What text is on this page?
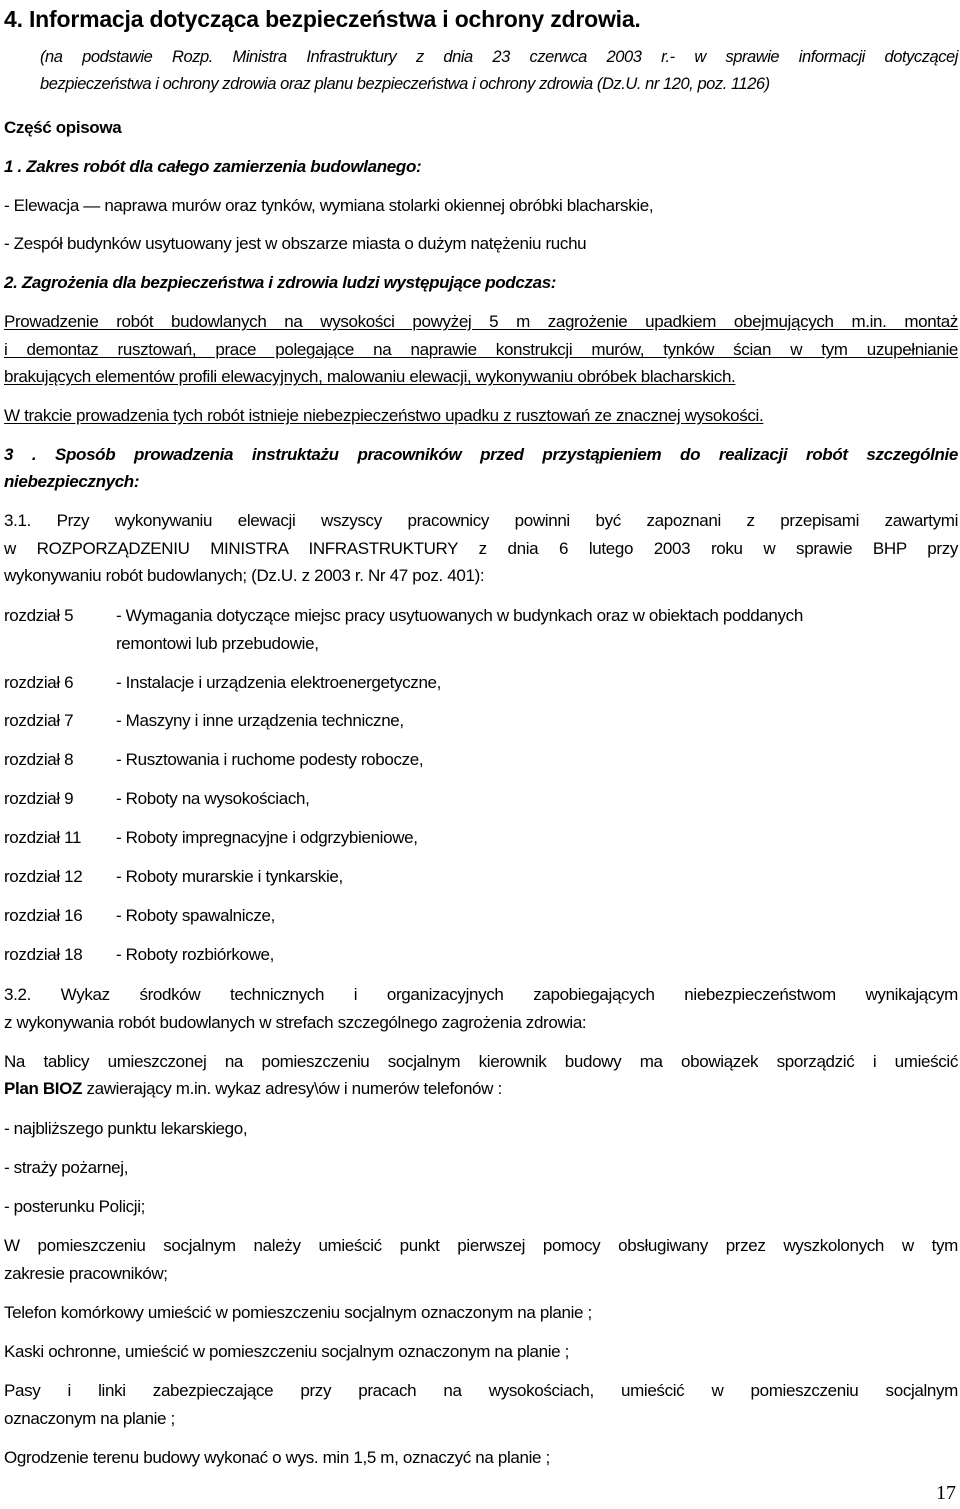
4. Informacja dotycząca bezpieczeństwa i ochrony zdrowia.
(na podstawie Rozp. Ministra Infrastruktury z dnia 23 czerwca 2003 r.- w sprawie informacji dotyczącej
bezpieczeństwa i ochrony zdrowia oraz planu bezpieczeństwa i ochrony zdrowia (Dz.U. nr 120, poz. 1126)
Część opisowa
1 . Zakres robót dla całego zamierzenia budowlanego:
- Elewacja — naprawa murów oraz tynków, wymiana stolarki okiennej obróbki blacharskie,
- Zespół budynków usytuowany jest w obszarze miasta o dużym natężeniu ruchu
2. Zagrożenia dla bezpieczeństwa i zdrowia ludzi występujące podczas:
Prowadzenie robót budowlanych na wysokości powyżej 5 m zagrożenie upadkiem obejmujących m.in. montaż
i demontaz rusztowań, prace polegające na naprawie konstrukcji murów, tynków ścian w tym uzupełnianie
brakujących elementów profili elewacyjnych, malowaniu elewacji, wykonywaniu obróbek blacharskich.
W trakcie prowadzenia tych robót istnieje niebezpieczeństwo upadku z rusztowań ze znacznej wysokości.
3 . Sposób prowadzenia instruktażu pracowników przed przystąpieniem do realizacji robót szczególnie
niebezpiecznych:
3.1. Przy wykonywaniu elewacji wszyscy pracownicy powinni być zapoznani z przepisami zawartymi
w ROZPORZĄDZENIU MINISTRA INFRASTRUKTURY z dnia 6 lutego 2003 roku w sprawie BHP przy
wykonywaniu robót budowlanych; (Dz.U. z 2003 r. Nr 47 poz. 401):
rozdział 5	- Wymagania dotyczące miejsc pracy usytuowanych w budynkach oraz w obiektach poddanych
remontowi lub przebudowie,
rozdział 6	- Instalacje i urządzenia elektroenergetyczne,
rozdział 7	- Maszyny i inne urządzenia techniczne,
rozdział 8	- Rusztowania i ruchome podesty robocze,
rozdział 9	- Roboty na wysokościach,
rozdział 11 - Roboty impregnacyjne i odgrzybieniowe,
rozdział 12 - Roboty murarskie i tynkarskie,
rozdział 16 - Roboty spawalnicze,
rozdział 18 - Roboty rozbiórkowe,
3.2. Wykaz środków technicznych i organizacyjnych zapobiegających niebezpieczeństwom wynikającym
z wykonywania robót budowlanych w strefach szczególnego zagrożenia zdrowia:
Na tablicy umieszczonej na pomieszczeniu socjalnym kierownik budowy ma obowiązek sporządzić i umieścić
Plan BIOZ zawierający m.in. wykaz adresy\ów i numerów telefonów :
- najbliższego punktu lekarskiego,
- straży pożarnej,
- posterunku Policji;
W pomieszczeniu socjalnym należy umieścić punkt pierwszej pomocy obsługiwany przez wyszkolonych w tym
zakresie pracowników;
Telefon komórkowy umieścić w pomieszczeniu socjalnym oznaczonym na planie ;
Kaski ochronne, umieścić w pomieszczeniu socjalnym oznaczonym na planie ;
Pasy i linki zabezpieczające przy pracach na wysokościach, umieścić w pomieszczeniu socjalnym
oznaczonym na planie ;
Ogrodzenie terenu budowy wykonać o wys. min 1,5 m, oznaczyć na planie ;
17
